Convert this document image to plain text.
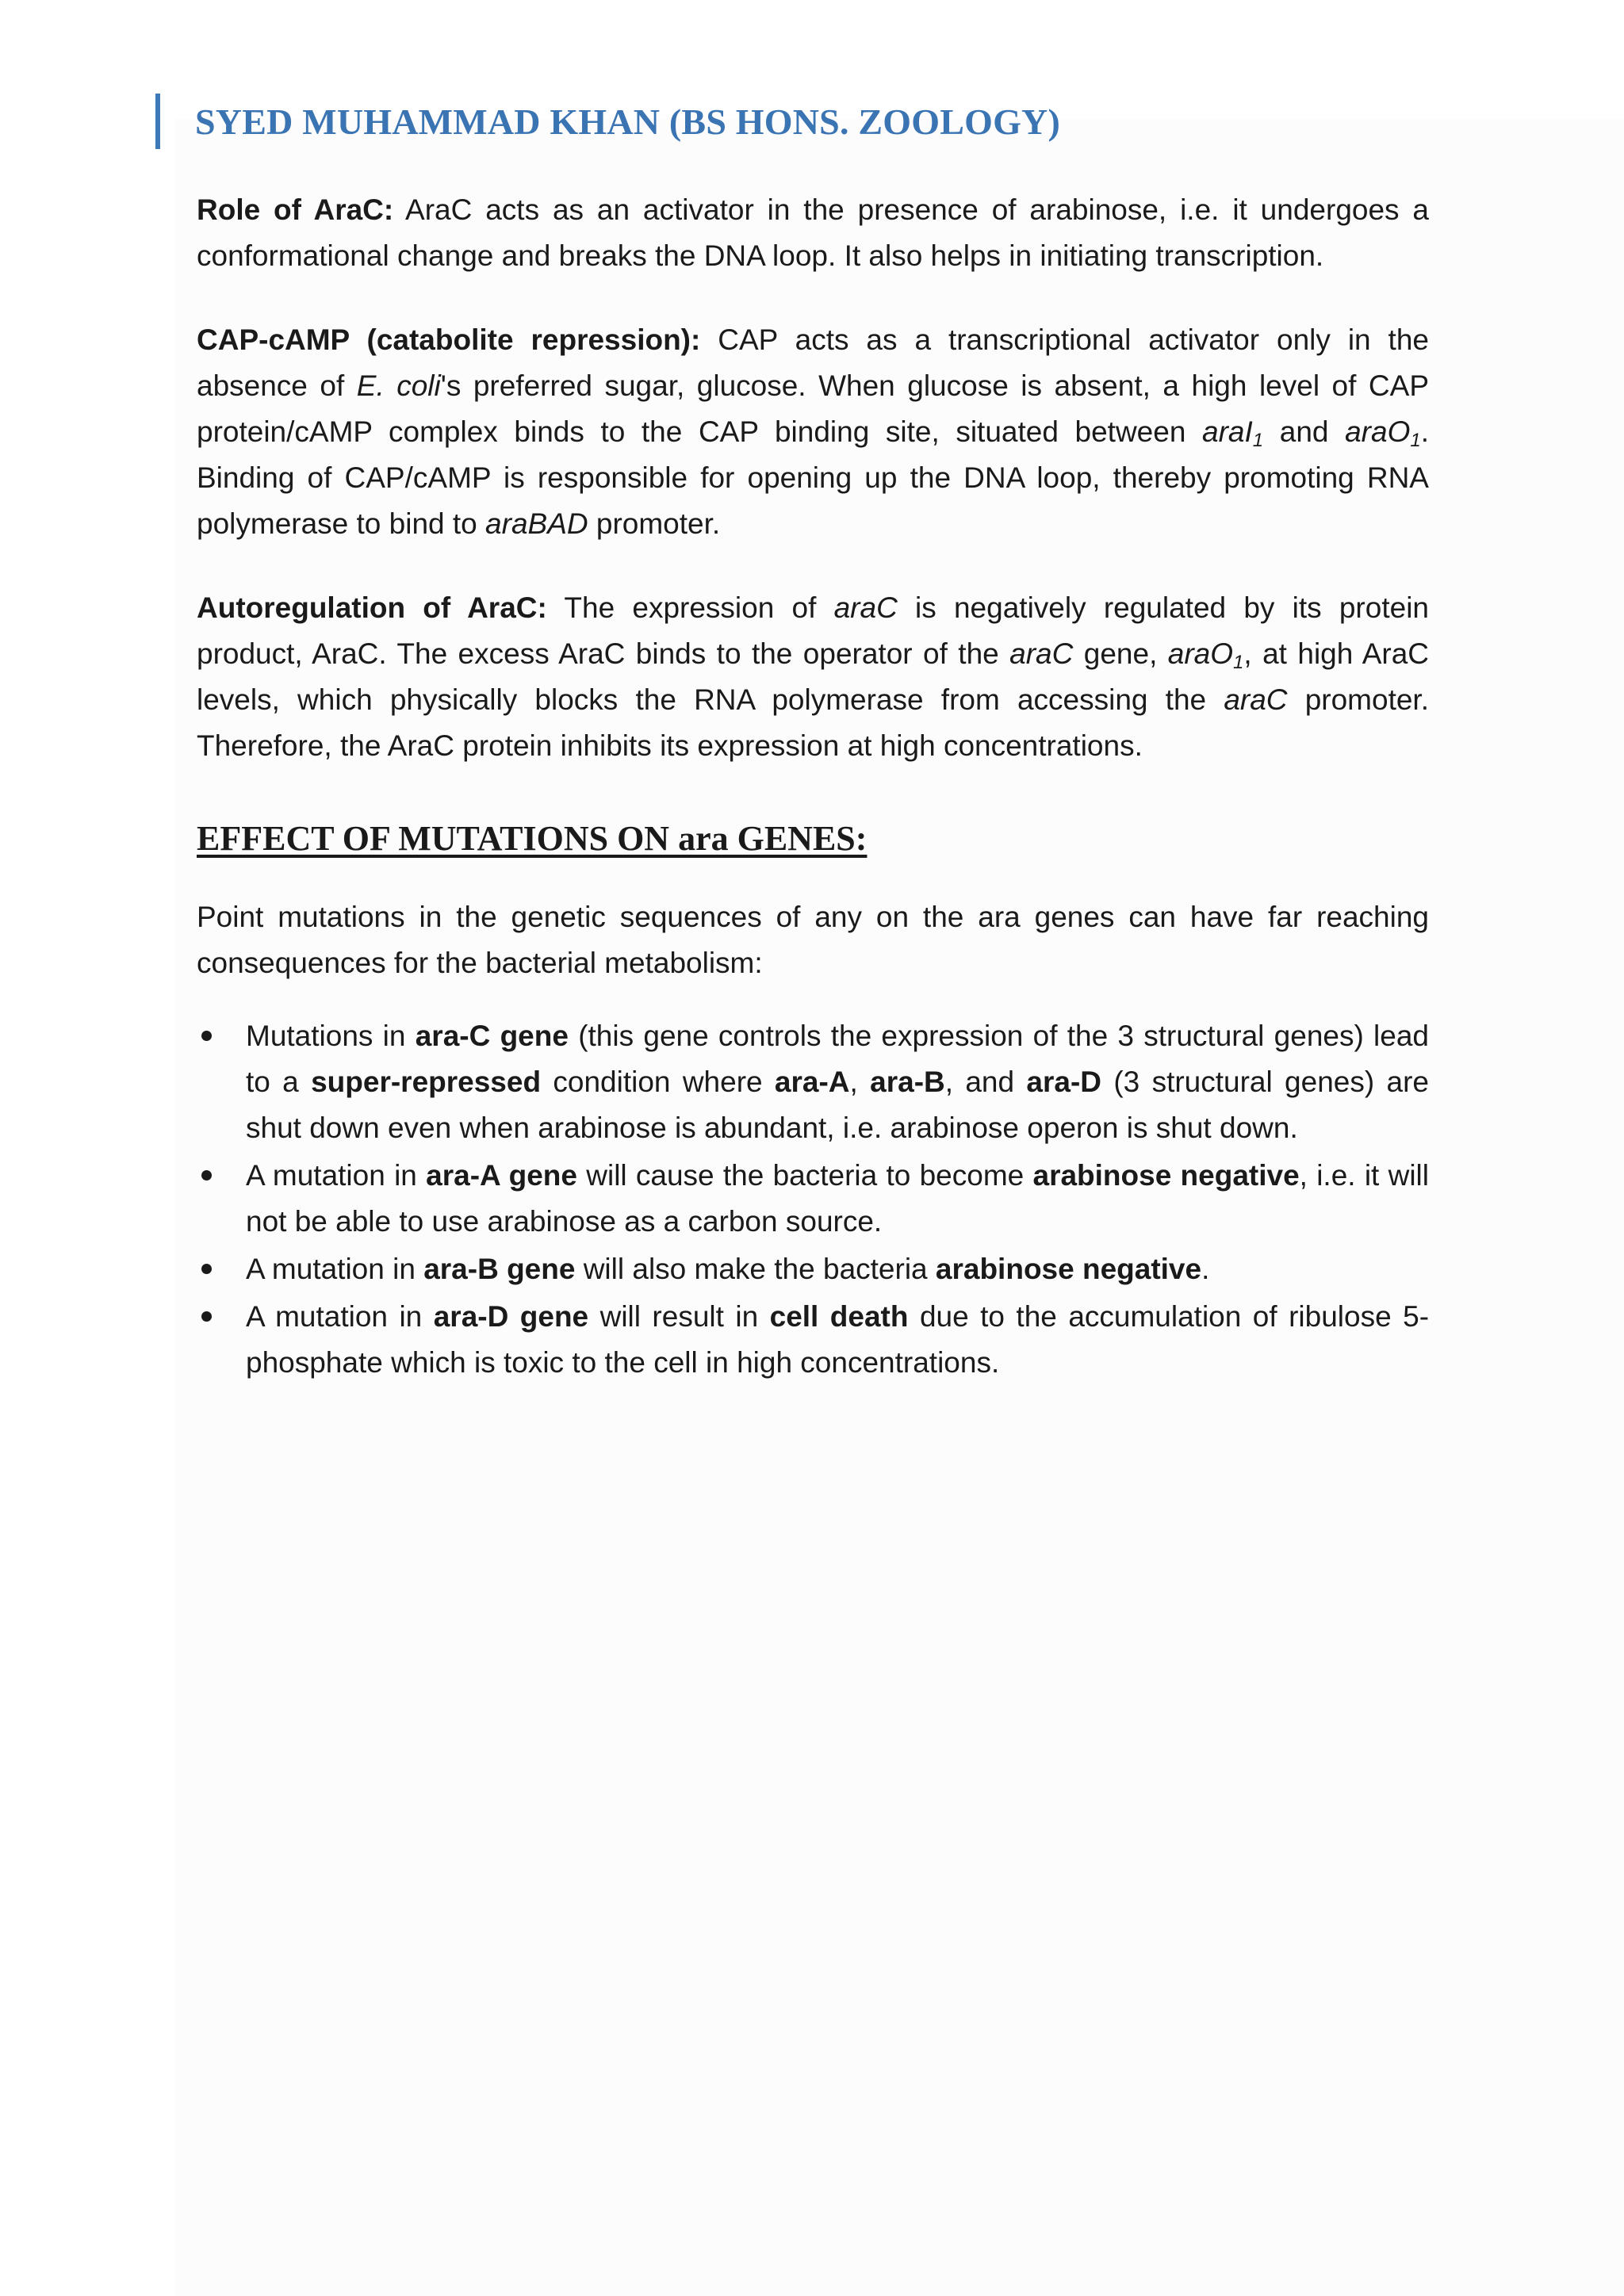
SYED MUHAMMAD KHAN (BS HONS. ZOOLOGY)

Role of AraC: AraC acts as an activator in the presence of arabinose, i.e. it undergoes a conformational change and breaks the DNA loop. It also helps in initiating transcription.

CAP-cAMP (catabolite repression): CAP acts as a transcriptional activator only in the absence of E. coli's preferred sugar, glucose. When glucose is absent, a high level of CAP protein/cAMP complex binds to the CAP binding site, situated between araI$_1$ and araO$_1$. Binding of CAP/cAMP is responsible for opening up the DNA loop, thereby promoting RNA polymerase to bind to araBAD promoter.

Autoregulation of AraC: The expression of araC is negatively regulated by its protein product, AraC. The excess AraC binds to the operator of the araC gene, araO$_1$, at high AraC levels, which physically blocks the RNA polymerase from accessing the araC promoter. Therefore, the AraC protein inhibits its expression at high concentrations.

EFFECT OF MUTATIONS ON ara GENES:

Point mutations in the genetic sequences of any on the ara genes can have far reaching consequences for the bacterial metabolism:

Mutations in ara-C gene (this gene controls the expression of the 3 structural genes) lead to a super-repressed condition where ara-A, ara-B, and ara-D (3 structural genes) are shut down even when arabinose is abundant, i.e. arabinose operon is shut down.
A mutation in ara-A gene will cause the bacteria to become arabinose negative, i.e. it will not be able to use arabinose as a carbon source.
A mutation in ara-B gene will also make the bacteria arabinose negative.
A mutation in ara-D gene will result in cell death due to the accumulation of ribulose 5-phosphate which is toxic to the cell in high concentrations.
